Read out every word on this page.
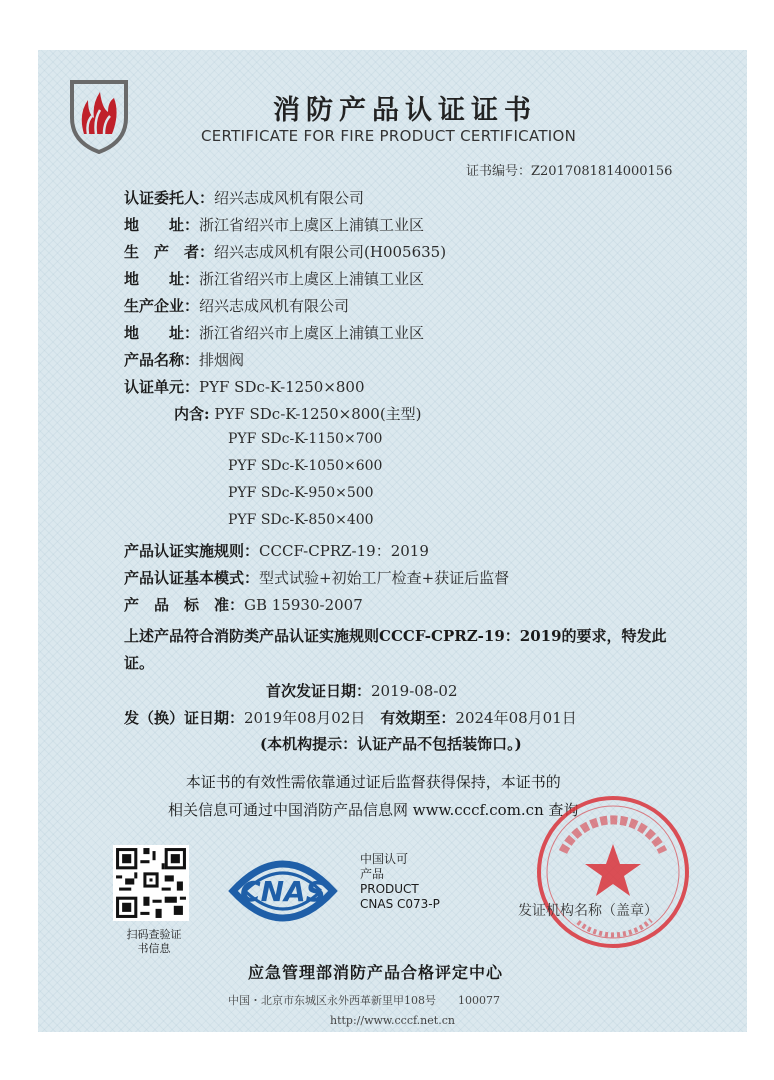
消防产品认证证书
CERTIFICATE FOR FIRE PRODUCT CERTIFICATION
证书编号：Z2017081814000156
认证委托人：绍兴志成风机有限公司
地　　址：浙江省绍兴市上虞区上浦镇工业区
生　产　者：绍兴志成风机有限公司(H005635)
地　　址：浙江省绍兴市上虞区上浦镇工业区
生产企业：绍兴志成风机有限公司
地　　址：浙江省绍兴市上虞区上浦镇工业区
产品名称：排烟阀
认证单元：PYF SDc-K-1250×800
内含: PYF SDc-K-1250×800(主型)
PYF SDc-K-1150×700
PYF SDc-K-1050×600
PYF SDc-K-950×500
PYF SDc-K-850×400
产品认证实施规则：CCCF-CPRZ-19：2019
产品认证基本模式：型式试验+初始工厂检查+获证后监督
产　品　标　准：GB 15930-2007
上述产品符合消防类产品认证实施规则CCCF-CPRZ-19：2019的要求，特发此证。
首次发证日期：2019-08-02
发（换）证日期：2019年08月02日　 有效期至：2024年08月01日
(本机构提示：认证产品不包括装饰口。)
本证书的有效性需依靠通过证后监督获得保持，本证书的
相关信息可通过中国消防产品信息网 www.cccf.com.cn 查询
扫码查验证书信息
CNAS
中国认可
产品
PRODUCT
CNAS C073-P	发证机构名称（盖章）
应急管理部消防产品合格评定中心
中国・北京市东城区永外西革新里甲108号　　100077
http://www.cccf.net.cn
